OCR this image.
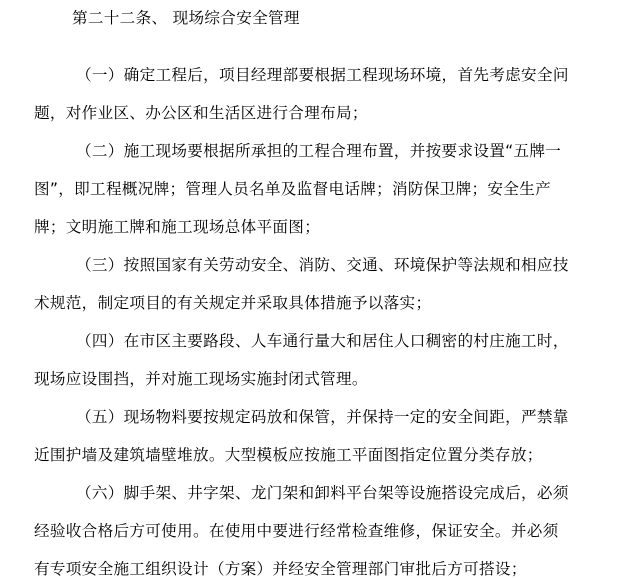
第二十二条、 现场综合安全管理
（一）确定工程后，项目经理部要根据工程现场环境，首先考虑安全问
题，对作业区、办公区和生活区进行合理布局；
（二）施工现场要根据所承担的工程合理布置，并按要求设置“五牌一
图”，即工程概况牌；管理人员名单及监督电话牌；消防保卫牌；安全生产
牌；文明施工牌和施工现场总体平面图；
（三）按照国家有关劳动安全、消防、交通、环境保护等法规和相应技
术规范，制定项目的有关规定并采取具体措施予以落实；
（四）在市区主要路段、人车通行量大和居住人口稠密的村庄施工时，
现场应设围挡，并对施工现场实施封闭式管理。
（五）现场物料要按规定码放和保管，并保持一定的安全间距，严禁靠
近围护墙及建筑墙壁堆放。大型模板应按施工平面图指定位置分类存放；
（六）脚手架、井字架、龙门架和卸料平台架等设施搭设完成后，必须
经验收合格后方可使用。在使用中要进行经常检查维修，保证安全。并必须
有专项安全施工组织设计（方案）并经安全管理部门审批后方可搭设；
